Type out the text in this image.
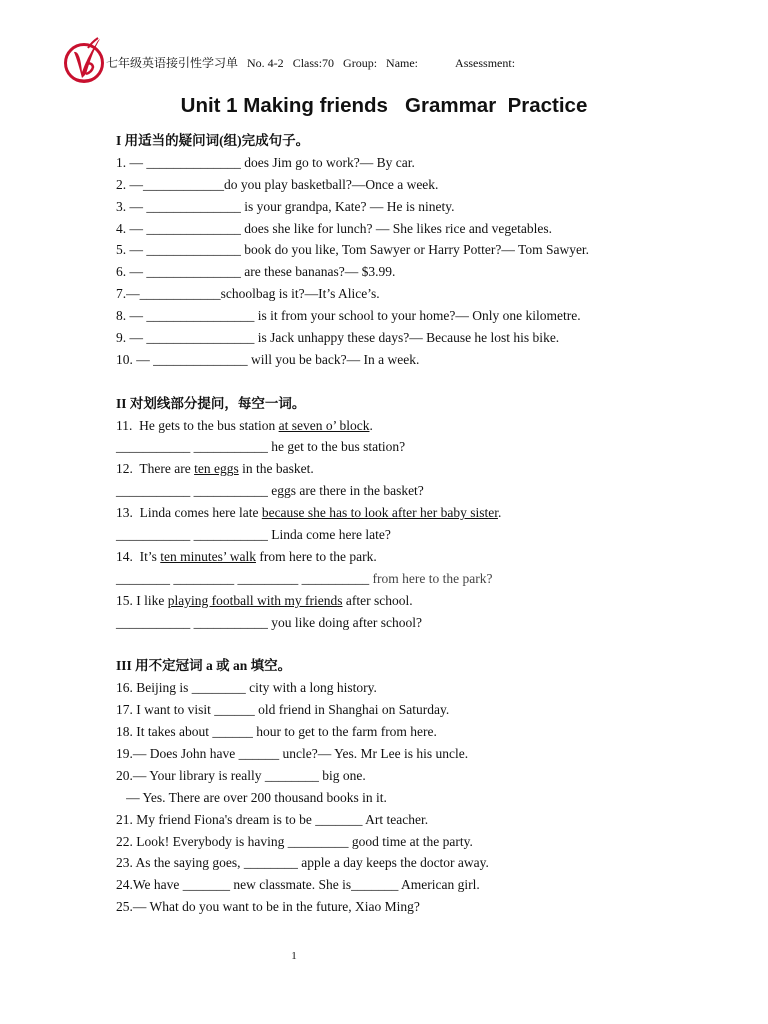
七年级英语接引性学习单 No. 4-2 Class:70 Group: Name:	Assessment:
Unit 1 Making friends   Grammar  Practice
I 用适当的疑问词(组)完成句子。
1. — ______________ does Jim go to work?— By car.
2. —____________do you play basketball?—Once a week.
3. — ______________ is your grandpa, Kate? — He is ninety.
4. — ______________ does she like for lunch? — She likes rice and vegetables.
5. — ______________ book do you like, Tom Sawyer or Harry Potter?— Tom Sawyer.
6. — ______________ are these bananas?— $3.99.
7.—____________schoolbag is it?—It’s Alice’s.
8. — ________________ is it from your school to your home?— Only one kilometre.
9. — ________________ is Jack unhappy these days?— Because he lost his bike.
10. — ______________ will you be back?— In a week.
II 对划线部分提问，每空一词。
11.  He gets to the bus station at seven o’ block.
___________ ___________ he get to the bus station?
12.  There are ten eggs in the basket.
___________ ___________ eggs are there in the basket?
13.  Linda comes here late because she has to look after her baby sister.
___________ ___________ Linda come here late?
14.  It’s ten minutes’ walk from here to the park.
________ _________ _________ __________ from here to the park?
15. I like playing football with my friends after school.
___________ ___________ you like doing after school?
III 用不定冠词 a 或 an 填空。
16. Beijing is ________ city with a long history.
17. I want to visit ______ old friend in Shanghai on Saturday.
18. It takes about ______ hour to get to the farm from here.
19.— Does John have ______ uncle?— Yes. Mr Lee is his uncle.
20.— Your library is really ________ big one.
— Yes. There are over 200 thousand books in it.
21. My friend Fiona's dream is to be _______ Art teacher.
22. Look! Everybody is having _________ good time at the party.
23. As the saying goes, ________ apple a day keeps the doctor away.
24.We have _______ new classmate. She is_______ American girl.
25.— What do you want to be in the future, Xiao Ming?
1
